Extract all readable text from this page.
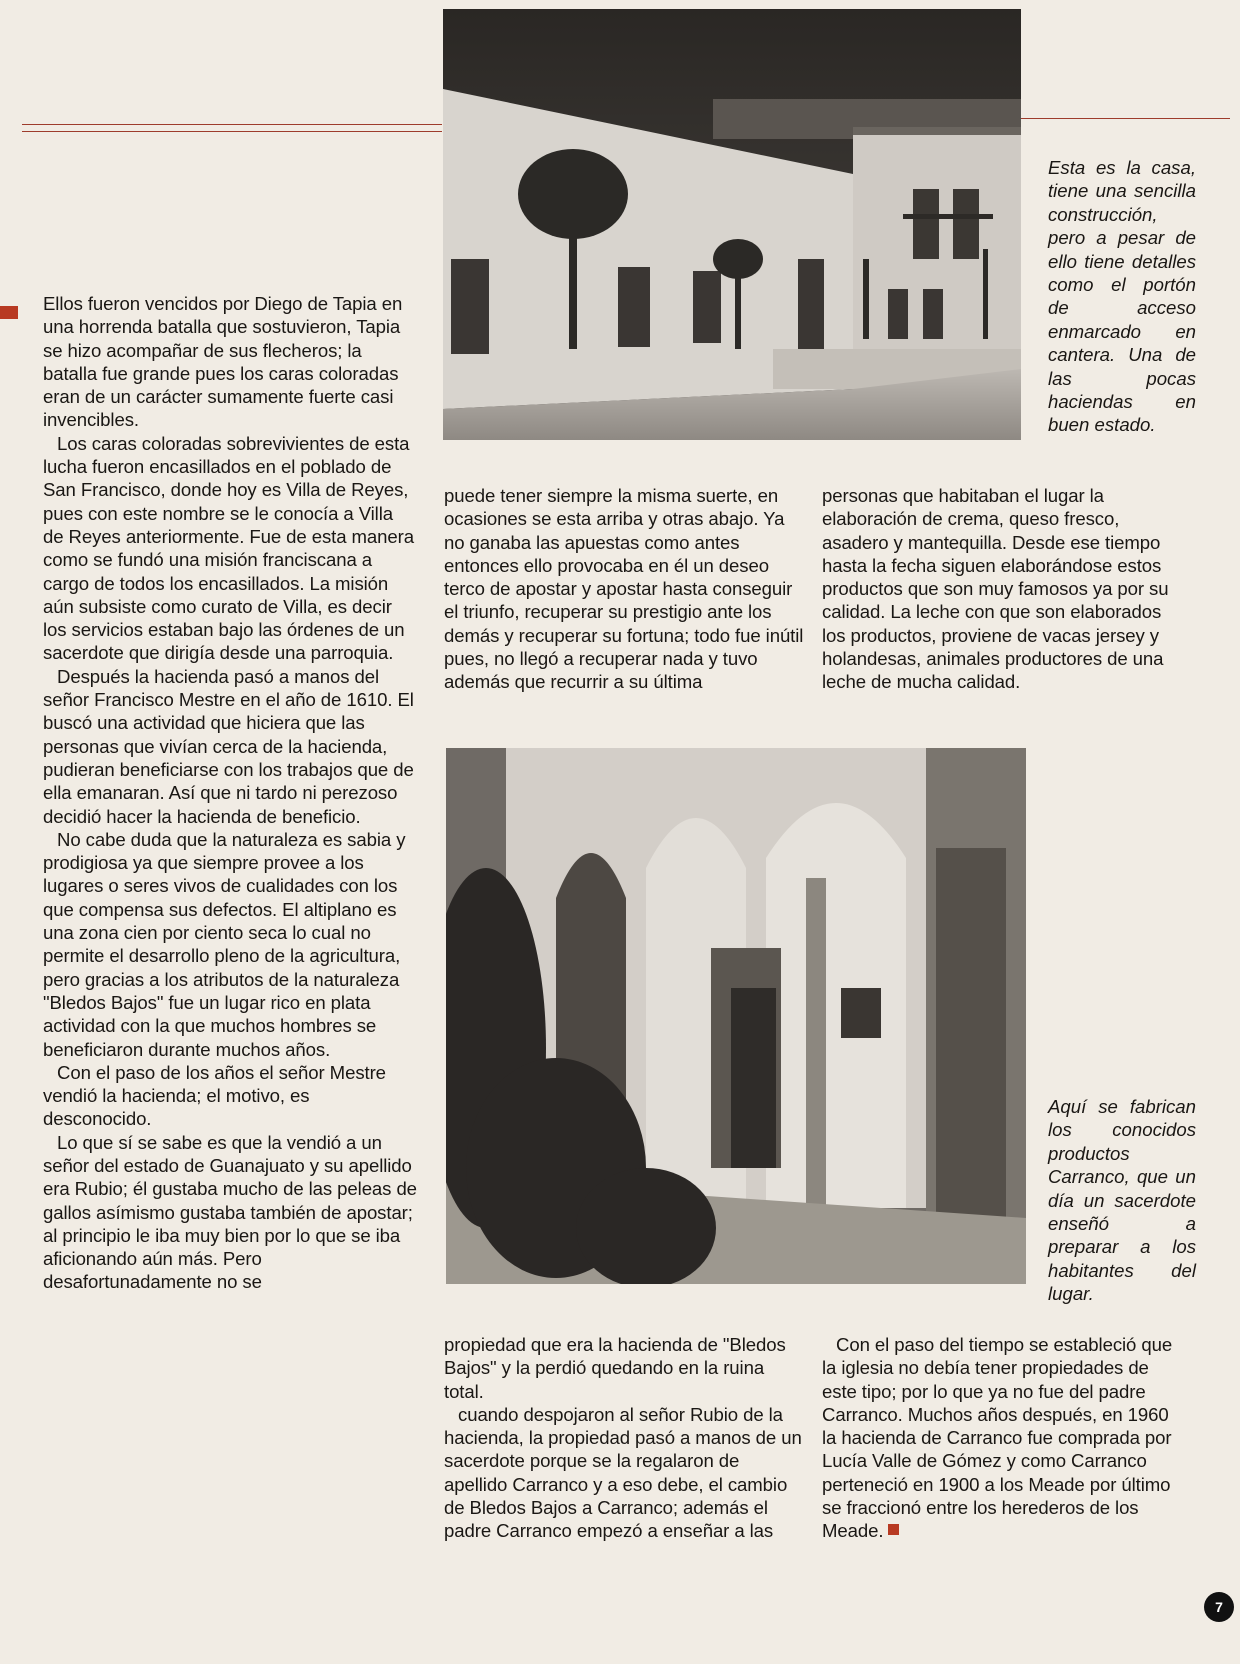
Ellos fueron vencidos por Diego de Tapia en una horrenda batalla que sostuvieron, Tapia se hizo acompañar de sus flecheros; la batalla fue grande pues los caras coloradas eran de un carácter sumamente fuerte casi invencibles.

Los caras coloradas sobrevivientes de esta lucha fueron encasillados en el poblado de San Francisco, donde hoy es Villa de Reyes, pues con este nombre se le conocía a Villa de Reyes anteriormente. Fue de esta manera como se fundó una misión franciscana a cargo de todos los encasillados. La misión aún subsiste como curato de Villa, es decir los servicios estaban bajo las órdenes de un sacerdote que dirigía desde una parroquia.

Después la hacienda pasó a manos del señor Francisco Mestre en el año de 1610. El buscó una actividad que hiciera que las personas que vivían cerca de la hacienda, pudieran beneficiarse con los trabajos que de ella emanaran. Así que ni tardo ni perezoso decidió hacer la hacienda de beneficio.

No cabe duda que la naturaleza es sabia y prodigiosa ya que siempre provee a los lugares o seres vivos de cualidades con los que compensa sus defectos. El altiplano es una zona cien por ciento seca lo cual no permite el desarrollo pleno de la agricultura, pero gracias a los atributos de la naturaleza "Bledos Bajos" fue un lugar rico en plata actividad con la que muchos hombres se beneficiaron durante muchos años.

Con el paso de los años el señor Mestre vendió la hacienda; el motivo, es desconocido.

Lo que sí se sabe es que la vendió a un señor del estado de Guanajuato y su apellido era Rubio; él gustaba mucho de las peleas de gallos asímismo gustaba también de apostar; al principio le iba muy bien por lo que se iba aficionando aún más. Pero desafortunadamente no se

Esta es la casa, tiene una sencilla construcción, pero a pesar de ello tiene detalles como el portón de acceso enmarcado en cantera. Una de las pocas haciendas en buen estado.

puede tener siempre la misma suerte, en ocasiones se esta arriba y otras abajo. Ya no ganaba las apuestas como antes entonces ello provocaba en él un deseo terco de apostar y apostar hasta conseguir el triunfo, recuperar su prestigio ante los demás y recuperar su fortuna; todo fue inútil pues, no llegó a recuperar nada y tuvo además que recurrir a su última

personas que habitaban el lugar la elaboración de crema, queso fresco, asadero y mantequilla. Desde ese tiempo hasta la fecha siguen elaborándose estos productos que son muy famosos ya por su calidad. La leche con que son elaborados los productos, proviene de vacas jersey y holandesas, animales productores de una leche de mucha calidad.

Aquí se fabrican los conocidos productos Carranco, que un día un sacerdote enseñó a preparar a los habitantes del lugar.

propiedad que era la hacienda de "Bledos Bajos" y la perdió quedando en la ruina total.

cuando despojaron al señor Rubio de la hacienda, la propiedad pasó a manos de un sacerdote porque se la regalaron de apellido Carranco y a eso debe, el cambio de Bledos Bajos a Carranco; además el padre Carranco empezó a enseñar a las

Con el paso del tiempo se estableció que la iglesia no debía tener propiedades de este tipo; por lo que ya no fue del padre Carranco. Muchos años después, en 1960 la hacienda de Carranco fue comprada por Lucía Valle de Gómez y como Carranco perteneció en 1900 a los Meade por último se fraccionó entre los herederos de los Meade.

7
